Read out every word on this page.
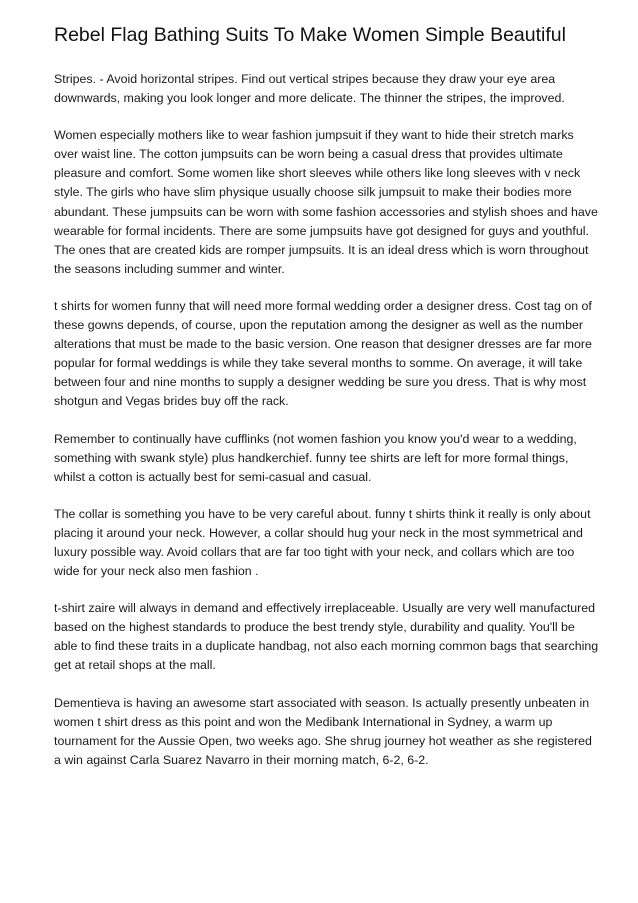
Rebel Flag Bathing Suits To Make Women Simple Beautiful

Stripes. - Avoid horizontal stripes. Find out vertical stripes because they draw your eye area downwards, making you look longer and more delicate. The thinner the stripes, the improved.

Women especially mothers like to wear fashion jumpsuit if they want to hide their stretch marks over waist line. The cotton jumpsuits can be worn being a casual dress that provides ultimate pleasure and comfort. Some women like short sleeves while others like long sleeves with v neck style. The girls who have slim physique usually choose silk jumpsuit to make their bodies more abundant. These jumpsuits can be worn with some fashion accessories and stylish shoes and have wearable for formal incidents. There are some jumpsuits have got designed for guys and youthful. The ones that are created kids are romper jumpsuits. It is an ideal dress which is worn throughout the seasons including summer and winter.

t shirts for women funny that will need more formal wedding order a designer dress. Cost tag on of these gowns depends, of course, upon the reputation among the designer as well as the number alterations that must be made to the basic version. One reason that designer dresses are far more popular for formal weddings is while they take several months to somme. On average, it will take between four and nine months to supply a designer wedding be sure you dress. That is why most shotgun and Vegas brides buy off the rack.

Remember to continually have cufflinks (not women fashion you know you'd wear to a wedding, something with swank style) plus handkerchief. funny tee shirts are left for more formal things, whilst a cotton is actually best for semi-casual and casual.

The collar is something you have to be very careful about. funny t shirts think it really is only about placing it around your neck. However, a collar should hug your neck in the most symmetrical and luxury possible way. Avoid collars that are far too tight with your neck, and collars which are too wide for your neck also men fashion .

t-shirt zaire will always in demand and effectively irreplaceable. Usually are very well manufactured based on the highest standards to produce the best trendy style, durability and quality. You'll be able to find these traits in a duplicate handbag, not also each morning common bags that searching get at retail shops at the mall.

Dementieva is having an awesome start associated with season. Is actually presently unbeaten in women t shirt dress as this point and won the Medibank International in Sydney, a warm up tournament for the Aussie Open, two weeks ago. She shrug journey hot weather as she registered a win against Carla Suarez Navarro in their morning match, 6-2, 6-2.
